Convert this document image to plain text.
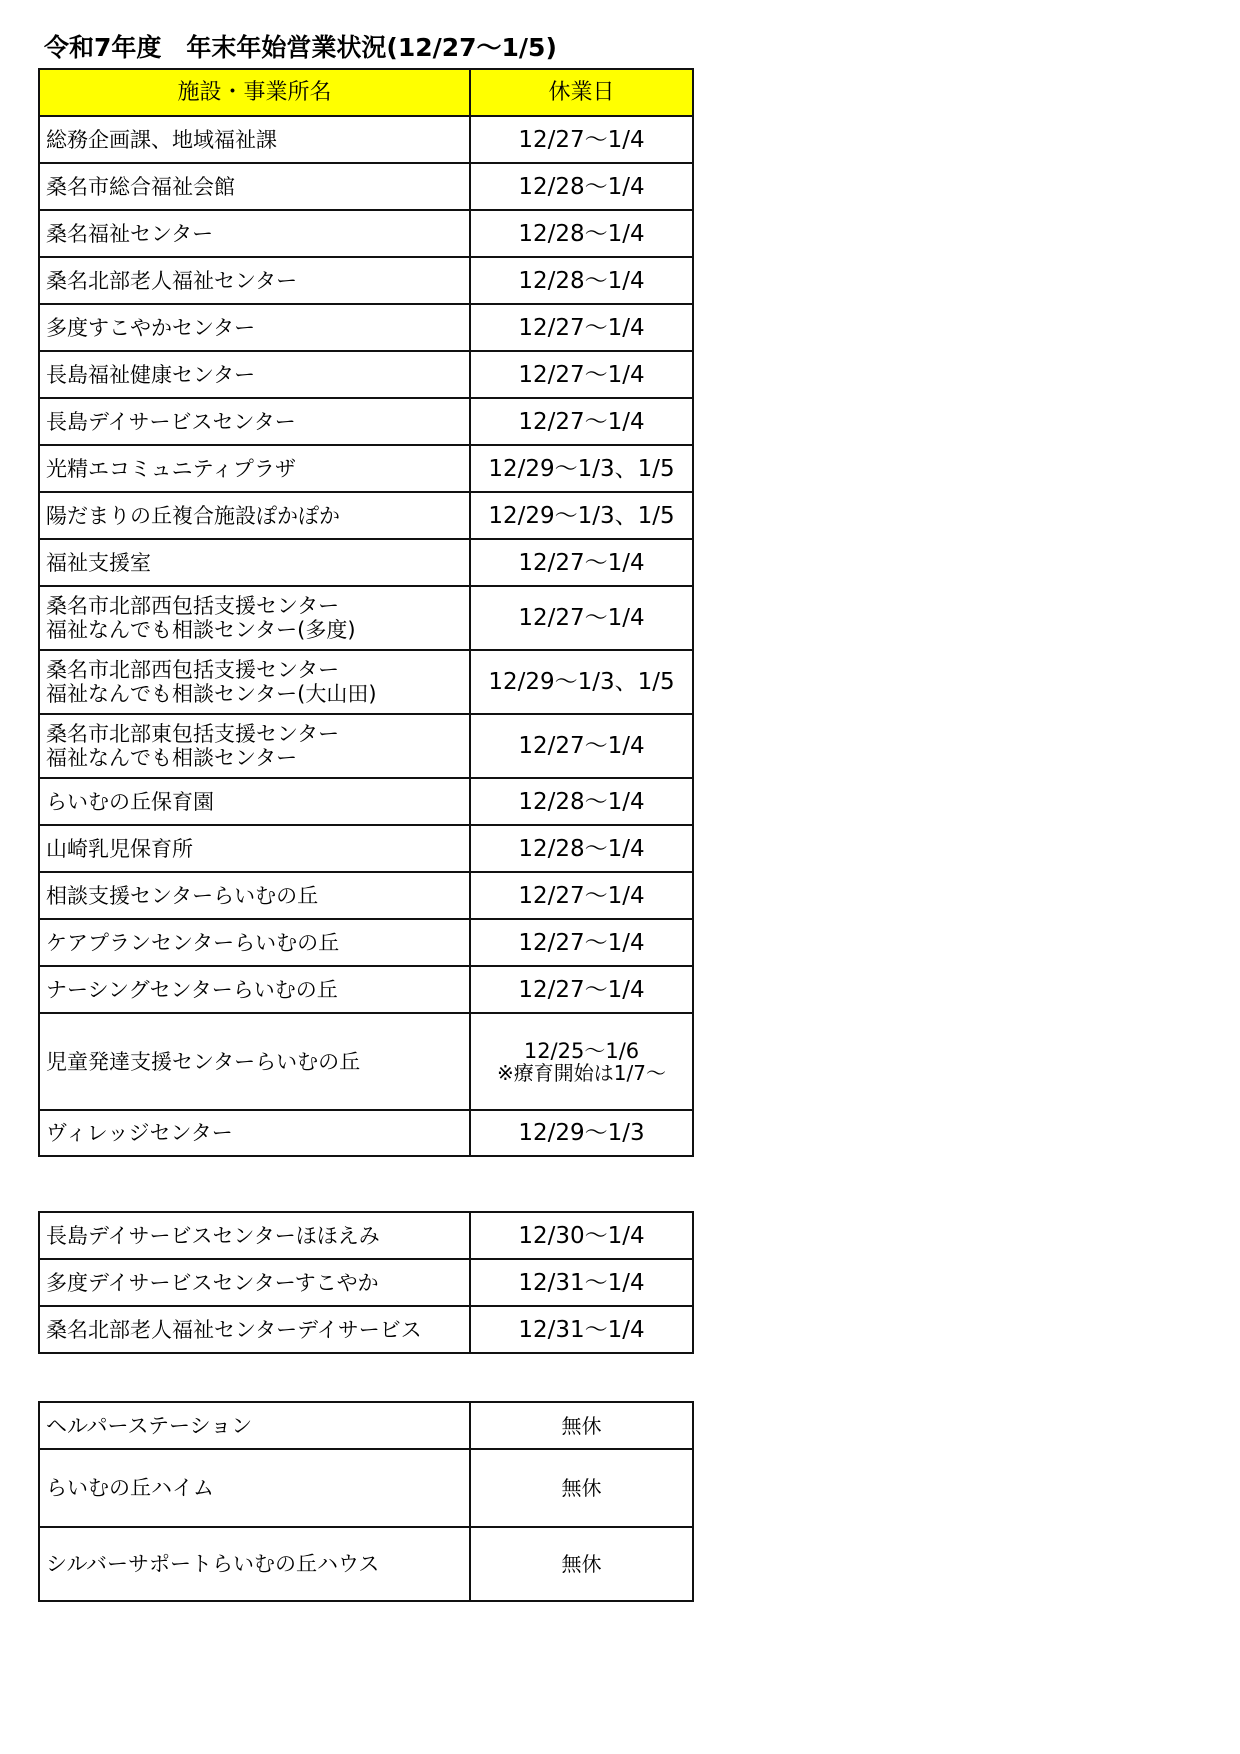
令和7年度　年末年始営業状況(12/27〜1/5)
施設・事業所名	休業日
総務企画課、地域福祉課	12/27〜1/4
桑名市総合福祉会館	12/28〜1/4
桑名福祉センター	12/28〜1/4
桑名北部老人福祉センター	12/28〜1/4
多度すこやかセンター	12/27〜1/4
長島福祉健康センター	12/27〜1/4
長島デイサービスセンター	12/27〜1/4
光精エコミュニティプラザ	12/29〜1/3、1/5
陽だまりの丘複合施設ぽかぽか	12/29〜1/3、1/5
福祉支援室	12/27〜1/4
桑名市北部西包括支援センター
福祉なんでも相談センター(多度)	12/27〜1/4
桑名市北部西包括支援センター
福祉なんでも相談センター(大山田)	12/29〜1/3、1/5
桑名市北部東包括支援センター
福祉なんでも相談センター	12/27〜1/4
らいむの丘保育園	12/28〜1/4
山崎乳児保育所	12/28〜1/4
相談支援センターらいむの丘	12/27〜1/4
ケアプランセンターらいむの丘	12/27〜1/4
ナーシングセンターらいむの丘	12/27〜1/4
児童発達支援センターらいむの丘	12/25〜1/6
※療育開始は1/7〜

ヴィレッジセンター	12/29〜1/3
長島デイサービスセンターほほえみ	12/30〜1/4
多度デイサービスセンターすこやか	12/31〜1/4
桑名北部老人福祉センターデイサービス	12/31〜1/4
ヘルパーステーション	無休
らいむの丘ハイム	無休
シルバーサポートらいむの丘ハウス	無休
